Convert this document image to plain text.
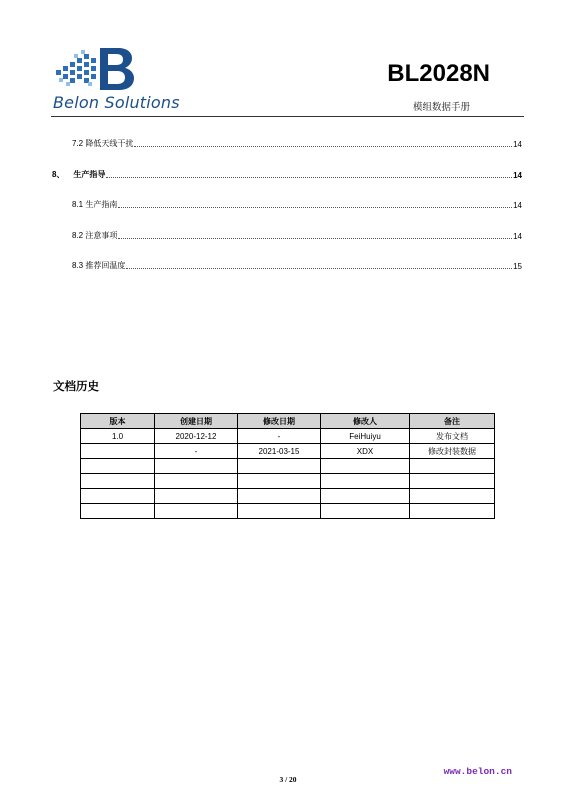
Belon Solutions
BL2028N
模组数据手册
7.2 降低天线干扰	14
8、    生产指导	14
8.1 生产指南	14
8.2 注意事项	14
8.3 推荐回温度	15
文档历史
版本	创建日期	修改日期	修改人	备注
1.0	2020-12-12	-	FeiHuiyu	发布文档
	-	2021-03-15	XDX	修改封装数据

www.belon.cn
3 / 20
